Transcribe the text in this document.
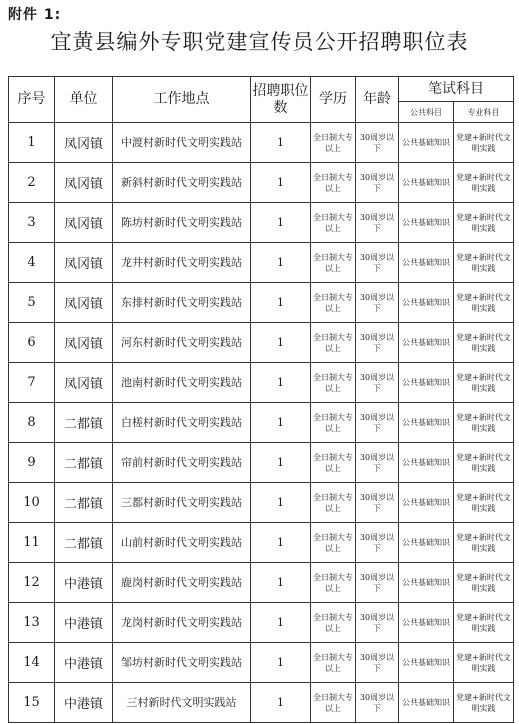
附件 1:
宜黄县编外专职党建宣传员公开招聘职位表
序号	单位	工作地点	招聘职位数	学历	年龄	笔试科目	
						公共科目	专业科目
1	凤冈镇	中渡村新时代文明实践站	1	全日制大专以上	30周岁以下	公共基础知识	党建+新时代文明实践
2	凤冈镇	新斜村新时代文明实践站	1	全日制大专以上	30周岁以下	公共基础知识	党建+新时代文明实践
3	凤冈镇	陈坊村新时代文明实践站	1	全日制大专以上	30周岁以下	公共基础知识	党建+新时代文明实践
4	凤冈镇	龙井村新时代文明实践站	1	全日制大专以上	30周岁以下	公共基础知识	党建+新时代文明实践
5	凤冈镇	东排村新时代文明实践站	1	全日制大专以上	30周岁以下	公共基础知识	党建+新时代文明实践
6	凤冈镇	河东村新时代文明实践站	1	全日制大专以上	30周岁以下	公共基础知识	党建+新时代文明实践
7	凤冈镇	池南村新时代文明实践站	1	全日制大专以上	30周岁以下	公共基础知识	党建+新时代文明实践
8	二都镇	白槎村新时代文明实践站	1	全日制大专以上	30周岁以下	公共基础知识	党建+新时代文明实践
9	二都镇	帘前村新时代文明实践站	1	全日制大专以上	30周岁以下	公共基础知识	党建+新时代文明实践
10	二都镇	三都村新时代文明实践站	1	全日制大专以上	30周岁以下	公共基础知识	党建+新时代文明实践
11	二都镇	山前村新时代文明实践站	1	全日制大专以上	30周岁以下	公共基础知识	党建+新时代文明实践
12	中港镇	鹿岗村新时代文明实践站	1	全日制大专以上	30周岁以下	公共基础知识	党建+新时代文明实践
13	中港镇	龙岗村新时代文明实践站	1	全日制大专以上	30周岁以下	公共基础知识	党建+新时代文明实践
14	中港镇	邹坊村新时代文明实践站	1	全日制大专以上	30周岁以下	公共基础知识	党建+新时代文明实践
15	中港镇	三村新时代文明实践站	1	全日制大专以上	30周岁以下	公共基础知识	党建+新时代文明实践
